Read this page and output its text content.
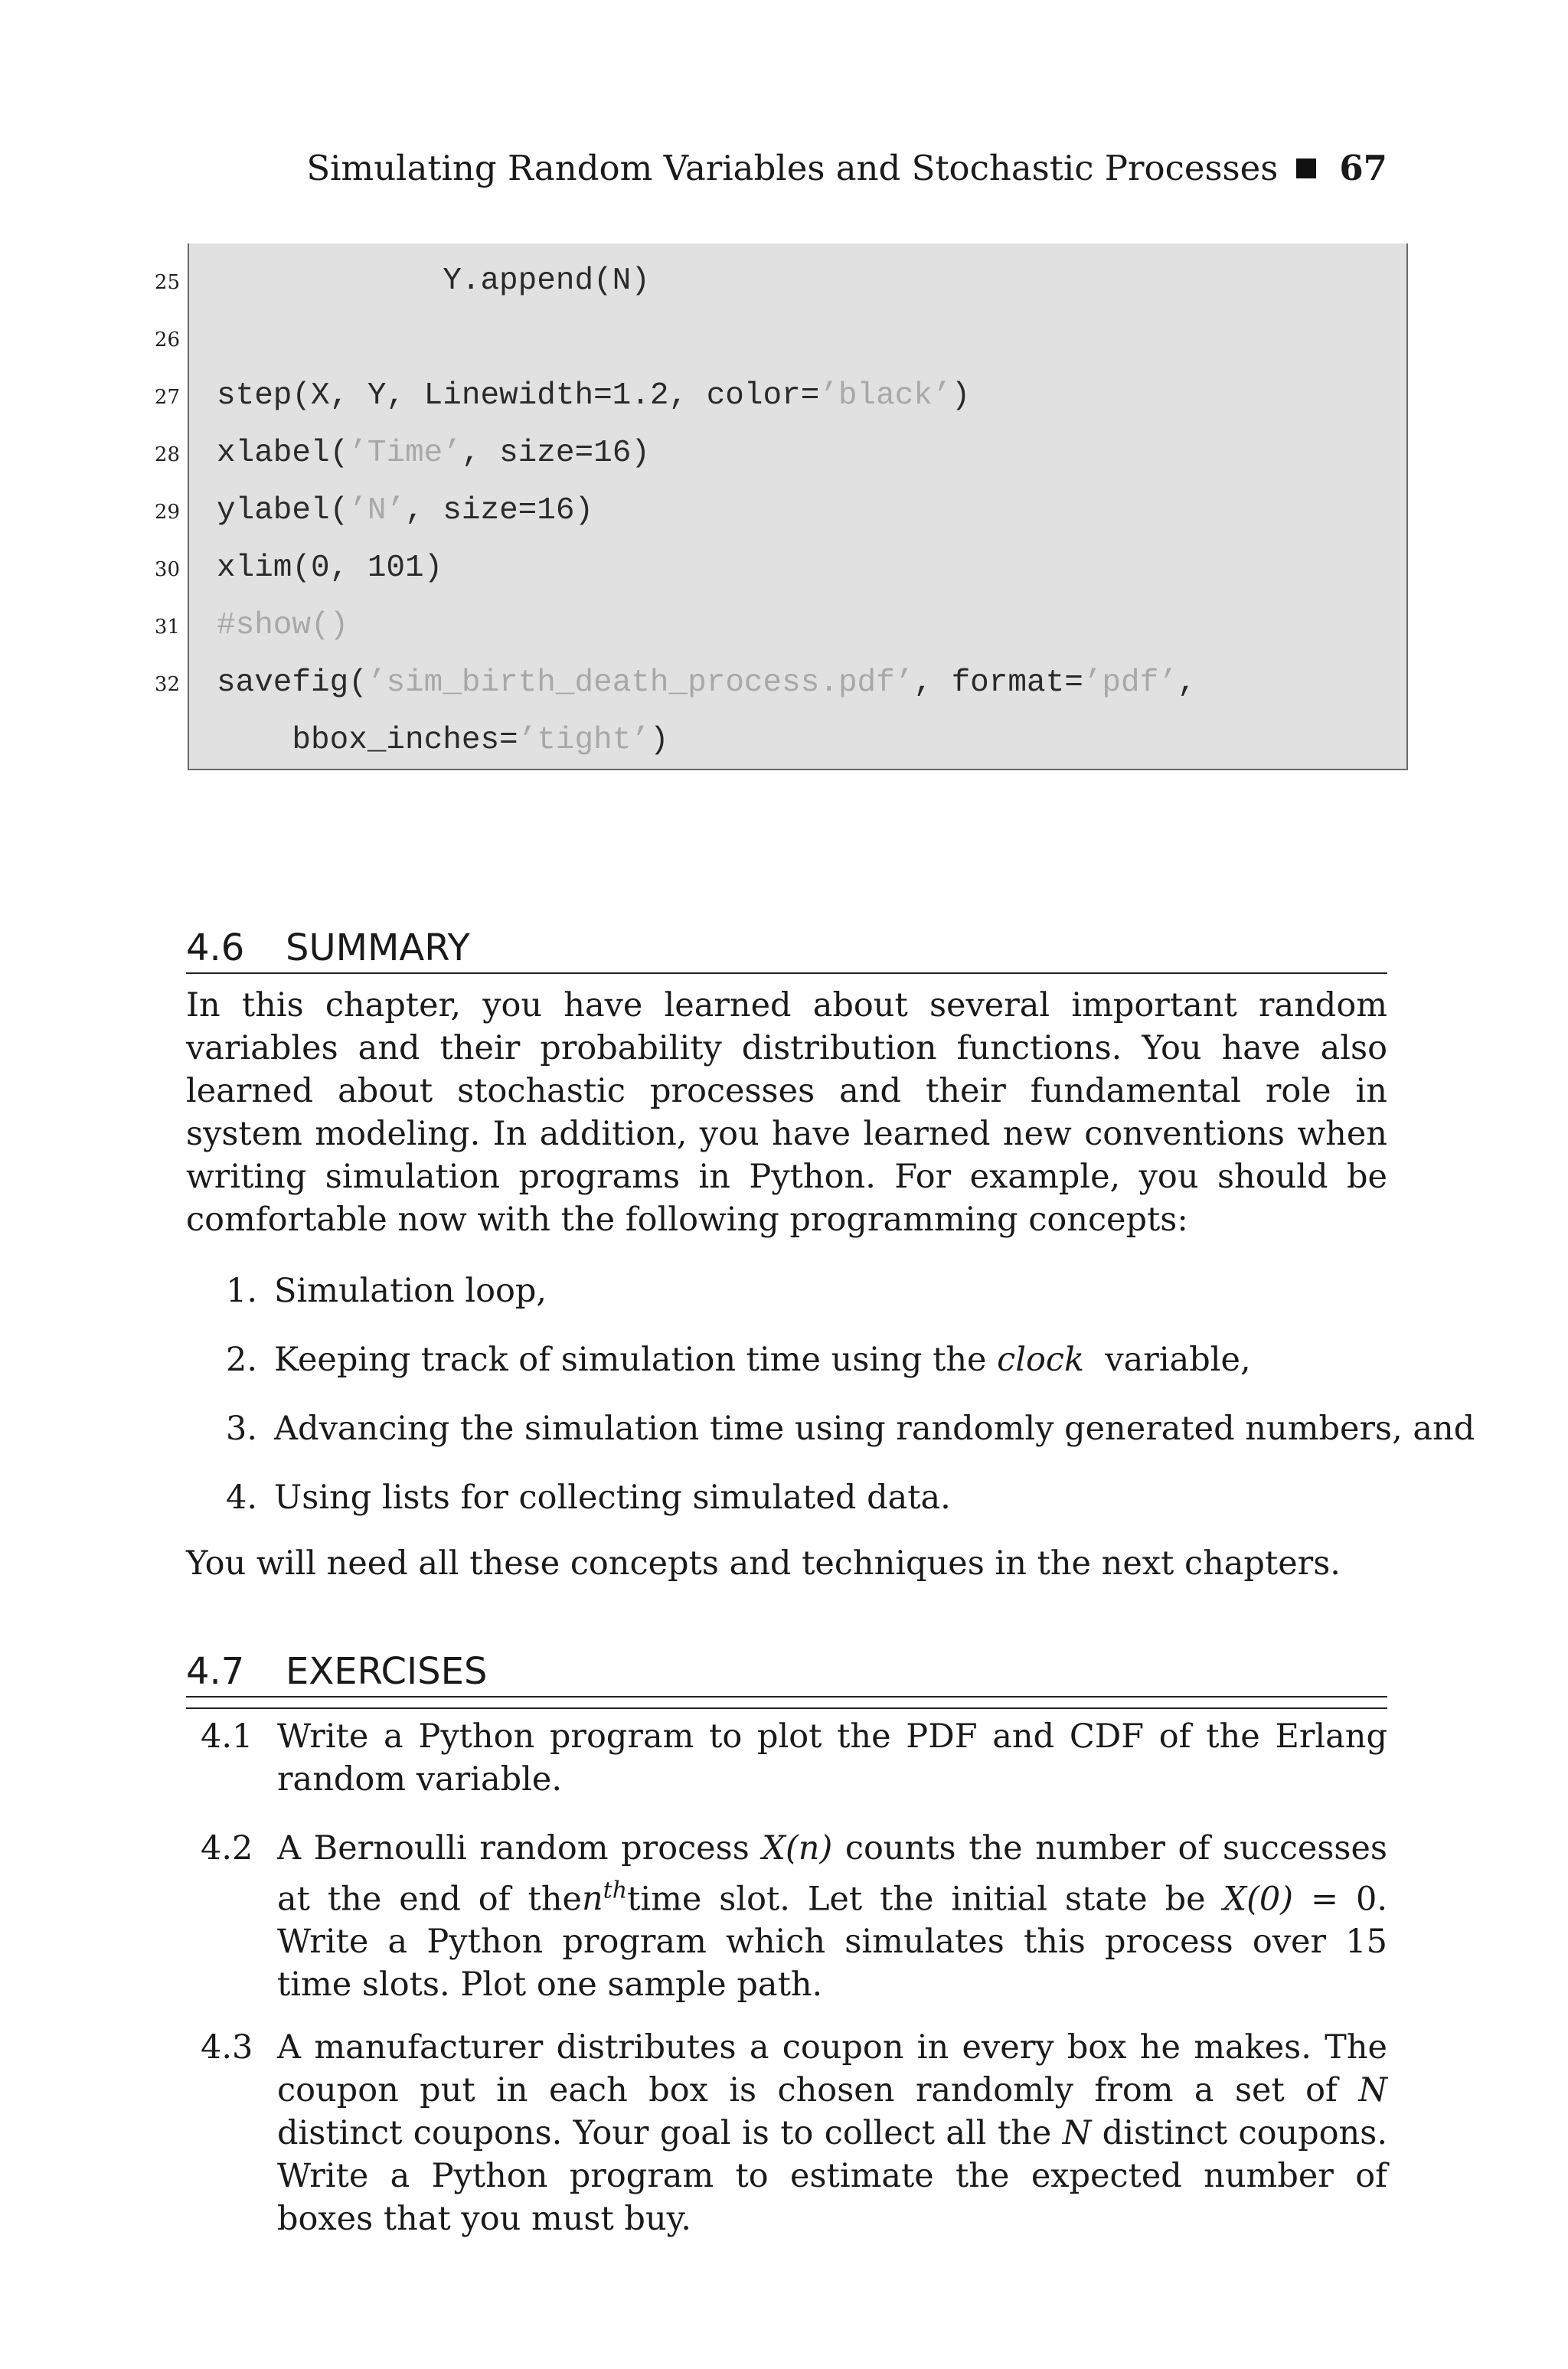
Simulating Random Variables and Stochastic Processes 67
25 Y.append(N)
26
27 step(X, Y, Linewidth=1.2, color=’black’)
28 xlabel(’Time’, size=16)
29 ylabel(’N’, size=16)
30 xlim(0, 101)
31 #show()
32 savefig(’sim_birth_death_process.pdf’, format=’pdf’,
bbox_inches=’tight’)
4.6 SUMMARY
In this chapter, you have learned about several important random variables and their probability distribution functions. You have also learned about stochastic processes and their fundamental role in system modeling. In addition, you have learned new conventions when writing simulation programs in Python. For example, you should be comfortable now with the following programming concepts:
1. Simulation loop,
2. Keeping track of simulation time using the clock  variable,
3. Advancing the simulation time using randomly generated numbers, and
4. Using lists for collecting simulated data.
You will need all these concepts and techniques in the next chapters.
4.7 EXERCISES
4.1 Write a Python program to plot the PDF and CDF of the Erlang random variable.
4.2 A Bernoulli random process X(n) counts the number of successes at the end of then$^{th}$time slot. Let the initial state be X(0) = 0. Write a Python program which simulates this process over 15 time slots. Plot one sample path.
4.3 A manufacturer distributes a coupon in every box he makes. The coupon put in each box is chosen randomly from a set of N distinct coupons. Your goal is to collect all the N distinct coupons. Write a Python program to estimate the expected number of boxes that you must buy.
